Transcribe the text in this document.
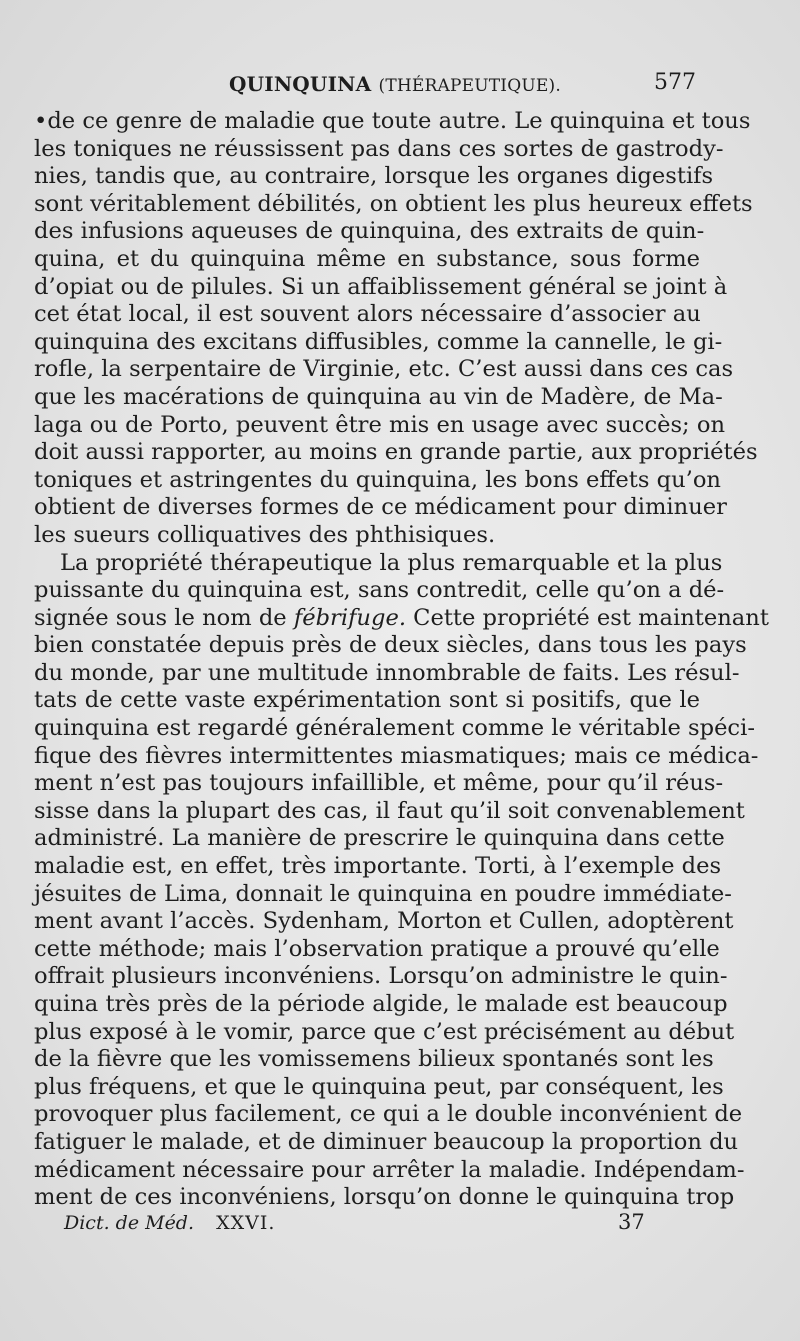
QUINQUINA (THÉRAPEUTIQUE).	577
•de ce genre de maladie que toute autre. Le quinquina et tous
les toniques ne réussissent pas dans ces sortes de gastrody-
nies, tandis que, au contraire, lorsque les organes digestifs
sont véritablement débilités, on obtient les plus heureux effets
des infusions aqueuses de quinquina, des extraits de quin-
quina, et du quinquina même en substance, sous forme
d’opiat ou de pilules. Si un affaiblissement général se joint à
cet état local, il est souvent alors nécessaire d’associer au
quinquina des excitans diffusibles, comme la cannelle, le gi-
rofle, la serpentaire de Virginie, etc. C’est aussi dans ces cas
que les macérations de quinquina au vin de Madère, de Ma-
laga ou de Porto, peuvent être mis en usage avec succès; on
doit aussi rapporter, au moins en grande partie, aux propriétés
toniques et astringentes du quinquina, les bons effets qu’on
obtient de diverses formes de ce médicament pour diminuer
les sueurs colliquatives des phthisiques.
La propriété thérapeutique la plus remarquable et la plus
puissante du quinquina est, sans contredit, celle qu’on a dé-
signée sous le nom de fébrifuge. Cette propriété est maintenant
bien constatée depuis près de deux siècles, dans tous les pays
du monde, par une multitude innombrable de faits. Les résul-
tats de cette vaste expérimentation sont si positifs, que le
quinquina est regardé généralement comme le véritable spéci-
fique des fièvres intermittentes miasmatiques; mais ce médica-
ment n’est pas toujours infaillible, et même, pour qu’il réus-
sisse dans la plupart des cas, il faut qu’il soit convenablement
administré. La manière de prescrire le quinquina dans cette
maladie est, en effet, très importante. Torti, à l’exemple des
jésuites de Lima, donnait le quinquina en poudre immédiate-
ment avant l’accès. Sydenham, Morton et Cullen, adoptèrent
cette méthode; mais l’observation pratique a prouvé qu’elle
offrait plusieurs inconvéniens. Lorsqu’on administre le quin-
quina très près de la période algide, le malade est beaucoup
plus exposé à le vomir, parce que c’est précisément au début
de la fièvre que les vomissemens bilieux spontanés sont les
plus fréquens, et que le quinquina peut, par conséquent, les
provoquer plus facilement, ce qui a le double inconvénient de
fatiguer le malade, et de diminuer beaucoup la proportion du
médicament nécessaire pour arrêter la maladie. Indépendam-
ment de ces inconvéniens, lorsqu’on donne le quinquina trop
Dict. de Méd. XXVI.	37
